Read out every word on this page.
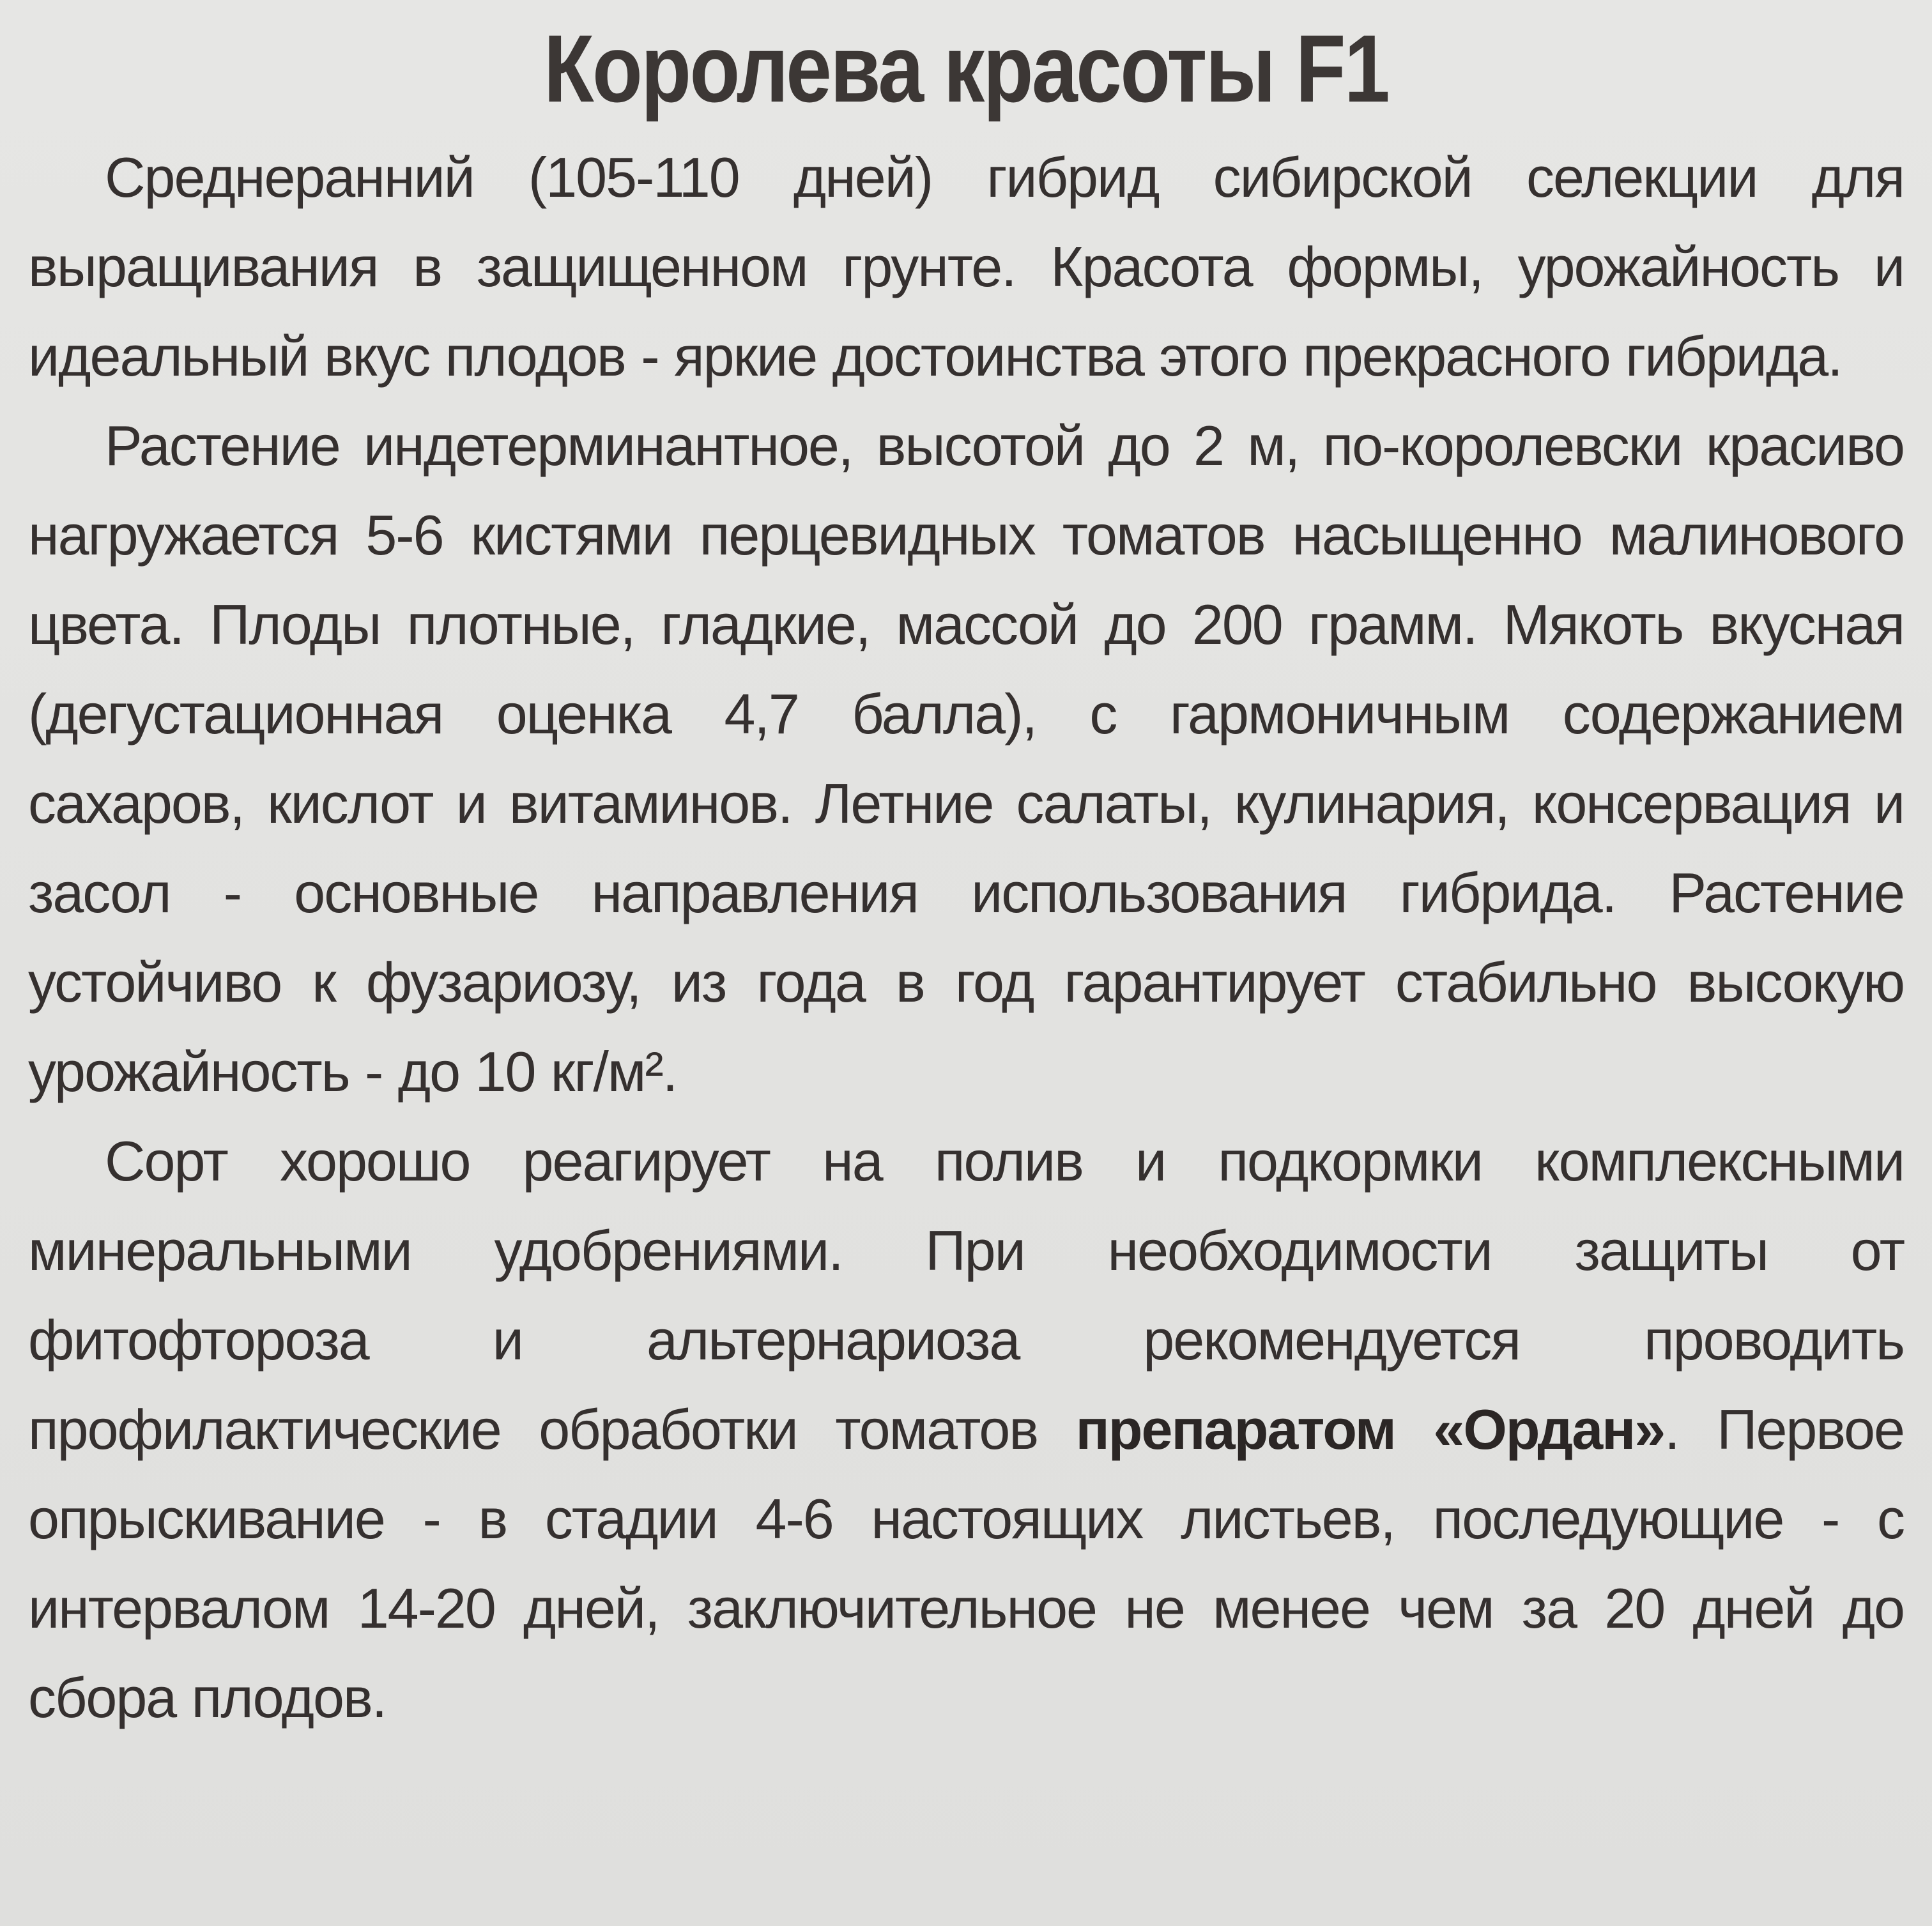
Королева красоты F1

Среднеранний (105-110 дней) гибрид сибирской селекции для выращивания в защищенном грунте. Красота формы, урожайность и идеальный вкус плодов - яркие достоинства этого прекрасного гибрида.

Растение индетерминантное, высотой до 2 м, по-королевски красиво нагружается 5-6 кистями перцевидных томатов насыщенно малинового цвета. Плоды плотные, гладкие, массой до 200 грамм. Мякоть вкусная (дегустационная оценка 4,7 балла), с гармоничным содержанием сахаров, кислот и витаминов. Летние салаты, кулинария, консервация и засол - основные направления использования гибрида. Растение устойчиво к фузариозу, из года в год гарантирует стабильно высокую урожайность - до 10 кг/м².

Сорт хорошо реагирует на полив и подкормки комплексными минеральными удобрениями. При необходимости защиты от фитофтороза и альтернариоза рекомендуется проводить профилактические обработки томатов препаратом «Ордан». Первое опрыскивание - в стадии 4-6 настоящих листьев, последующие - с интервалом 14-20 дней, заключительное не менее чем за 20 дней до сбора плодов.
